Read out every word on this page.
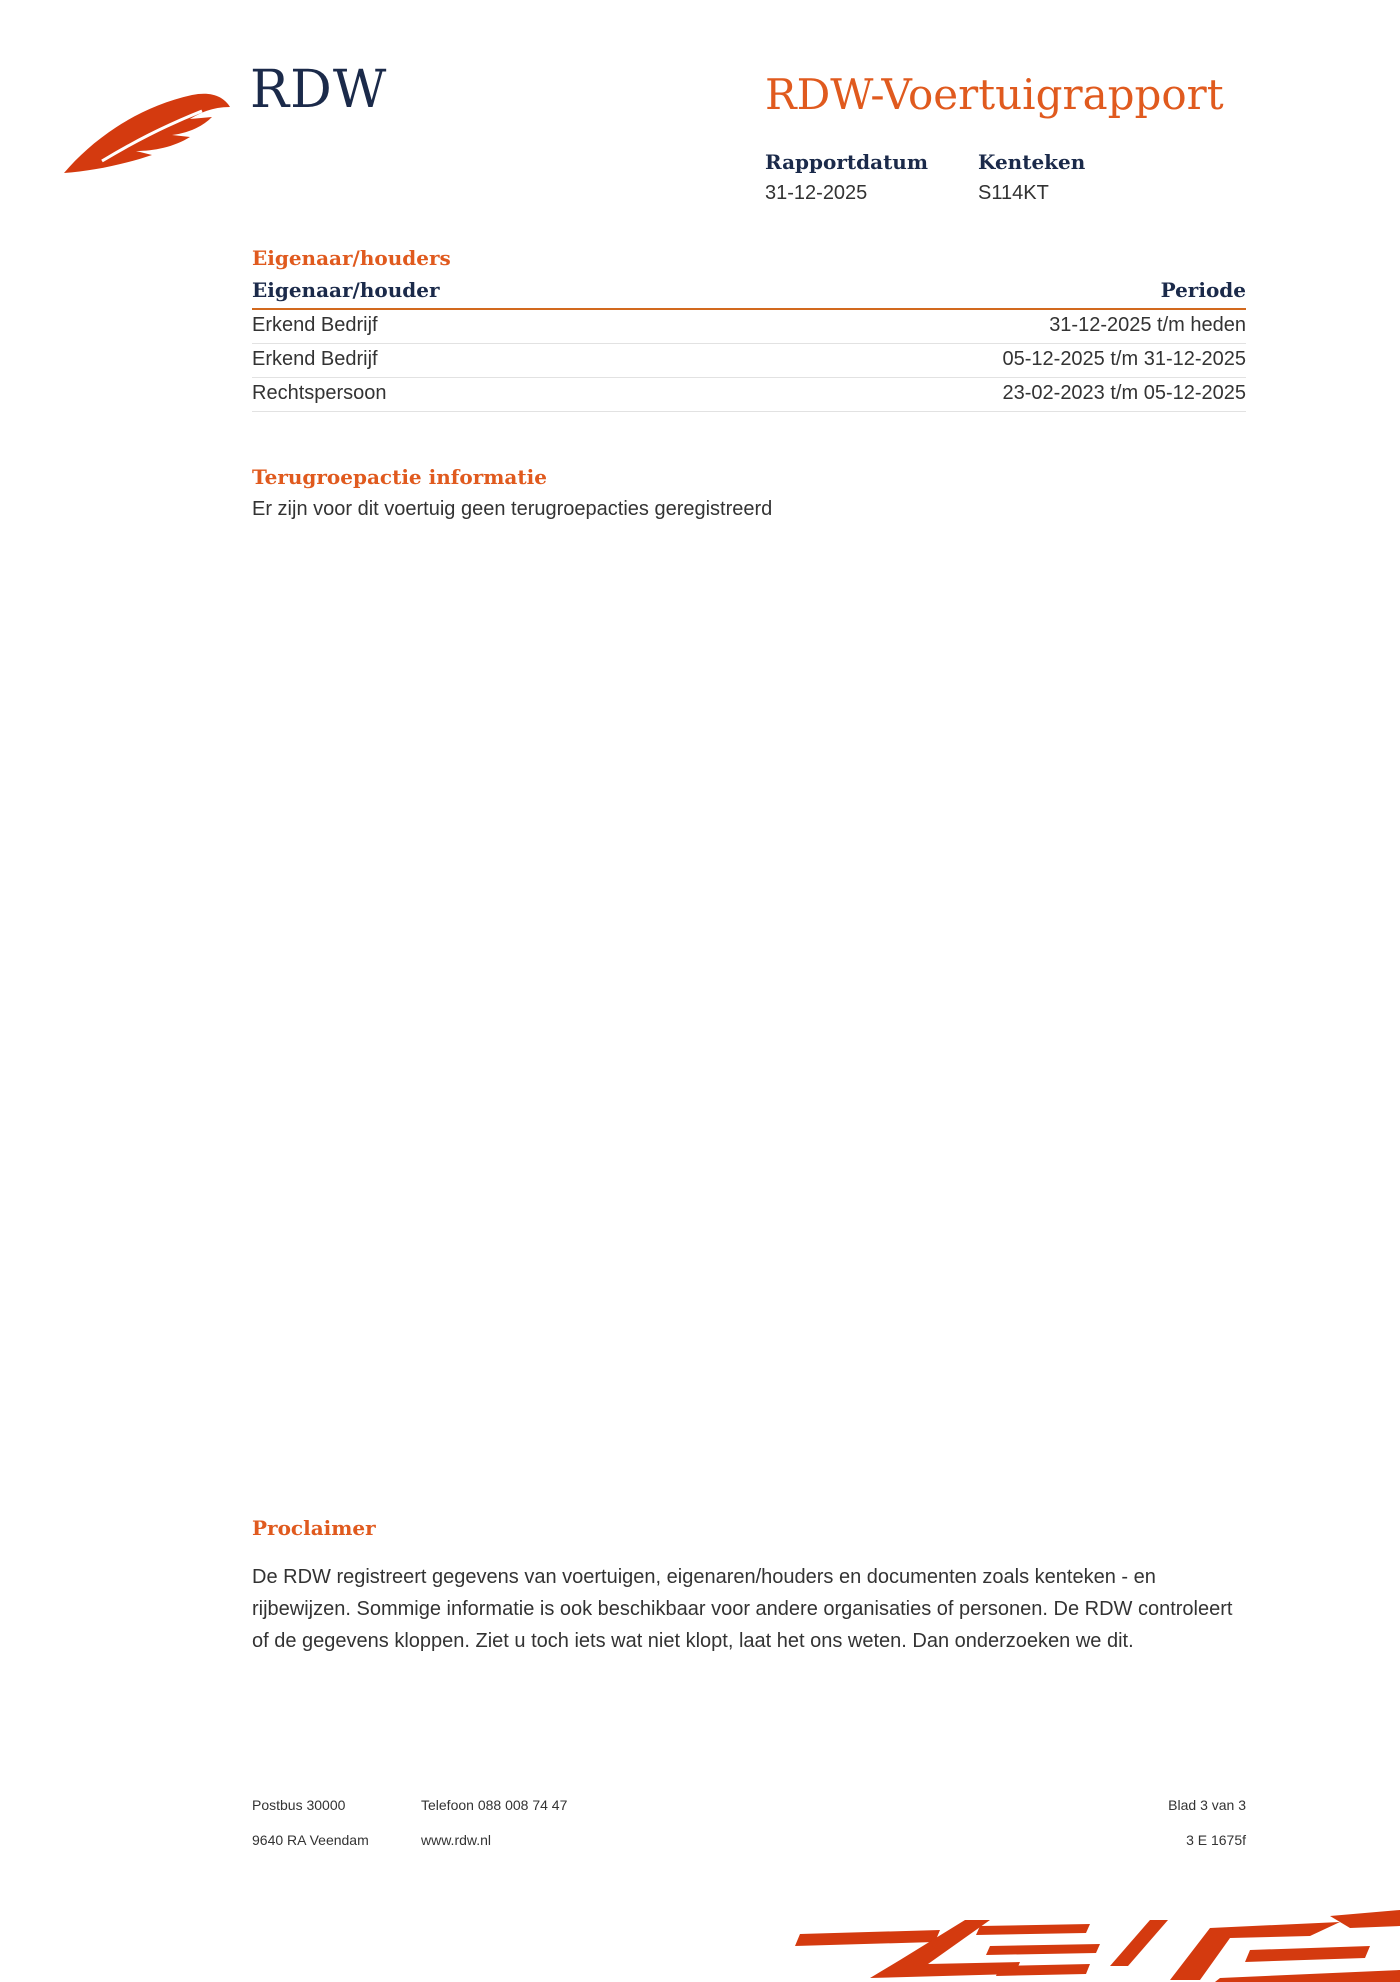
RDW	RDW-Voertuigrapport
Rapportdatum
31-12-2025
Kenteken
S114KT
Eigenaar/houders
Eigenaar/houder	Periode
Erkend Bedrijf	31-12-2025 t/m heden
Erkend Bedrijf	05-12-2025 t/m 31-12-2025
Rechtspersoon	23-02-2023 t/m 05-12-2025
Terugroepactie informatie
Er zijn voor dit voertuig geen terugroepacties geregistreerd
Proclaimer
De RDW registreert gegevens van voertuigen, eigenaren/houders en documenten zoals kenteken - en rijbewijzen. Sommige informatie is ook beschikbaar voor andere organisaties of personen. De RDW controleert of de gegevens kloppen. Ziet u toch iets wat niet klopt, laat het ons weten. Dan onderzoeken we dit.
Postbus 30000
9640 RA Veendam
Telefoon 088 008 74 47
www.rdw.nl
Blad 3 van 3
3 E 1675f
